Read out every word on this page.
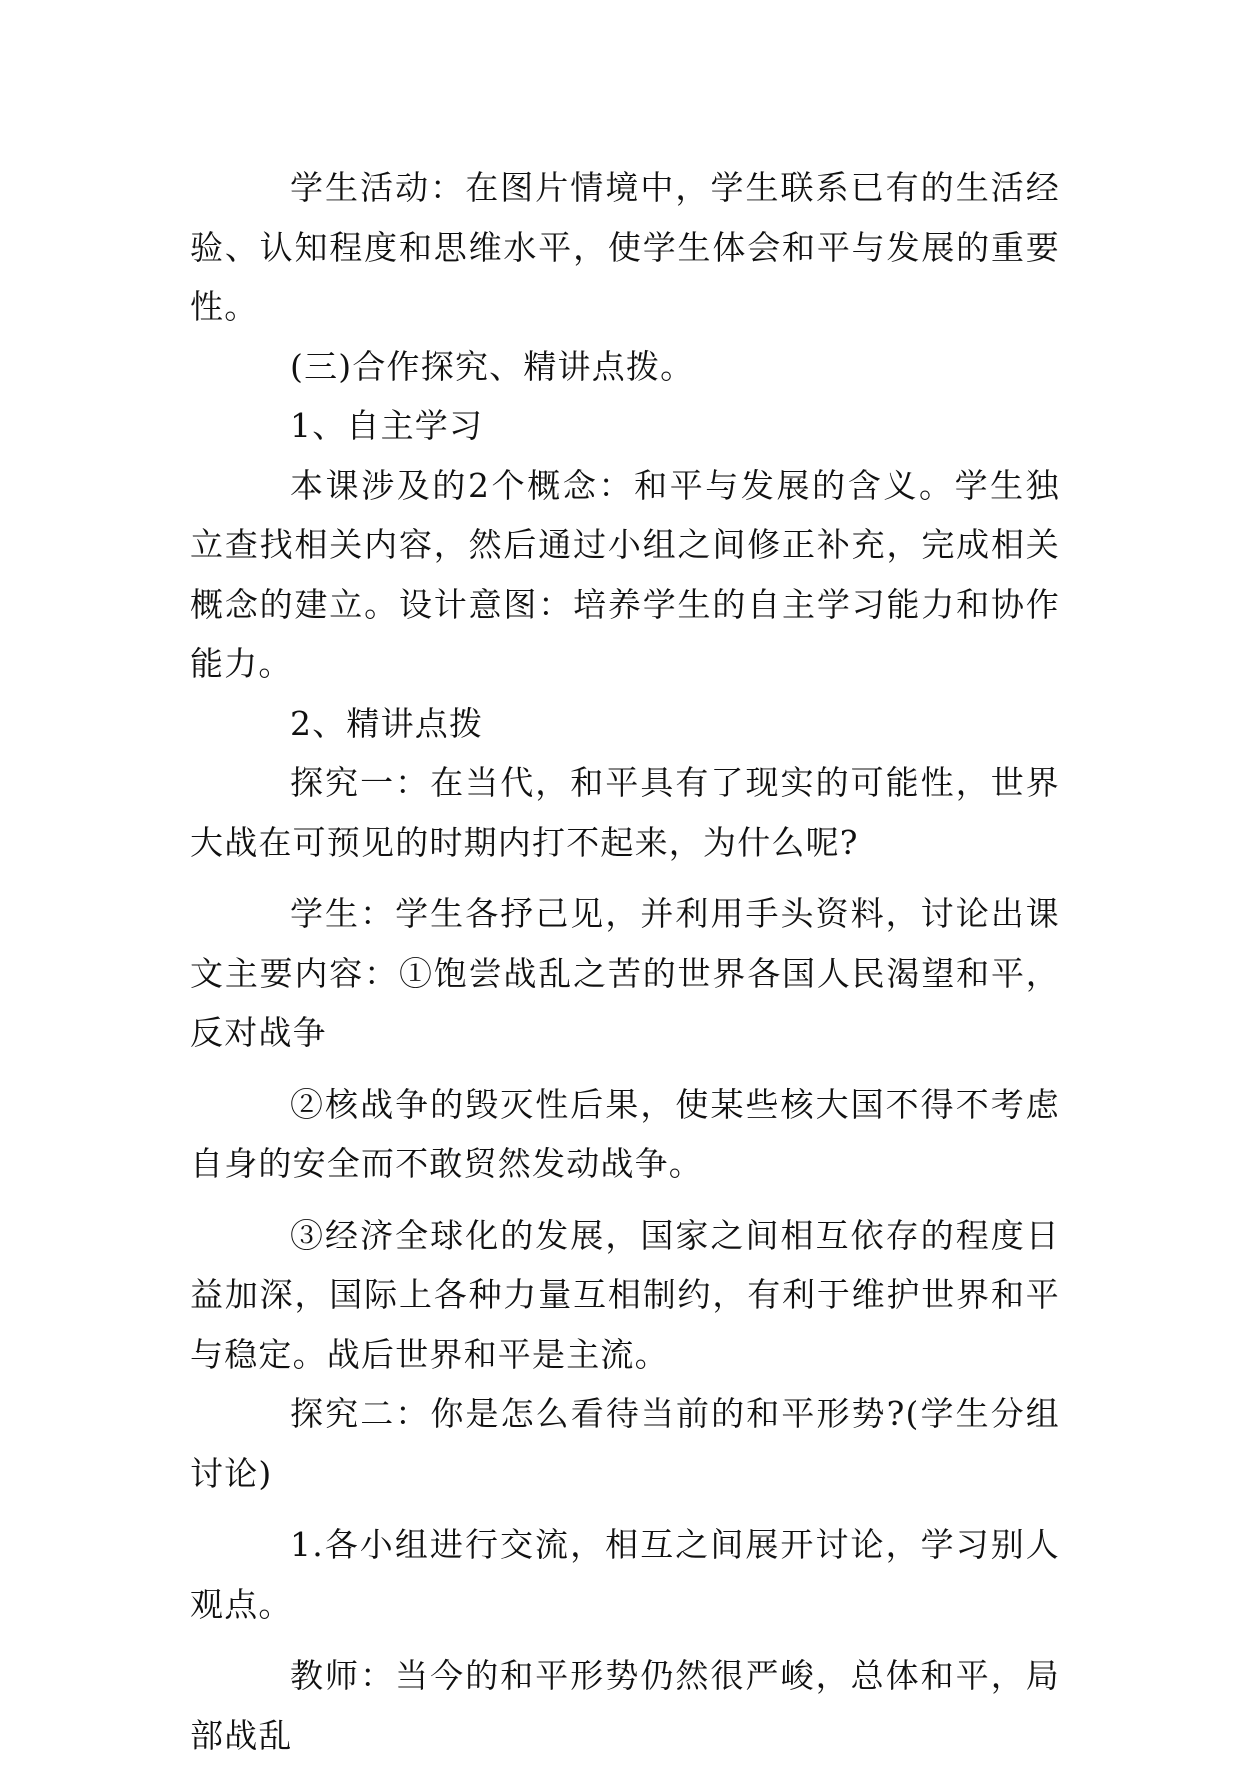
学生活动：在图片情境中，学生联系已有的生活经验、认知程度和思维水平，使学生体会和平与发展的重要性。

(三)合作探究、精讲点拨。

1、自主学习

本课涉及的2个概念：和平与发展的含义。学生独立查找相关内容，然后通过小组之间修正补充，完成相关概念的建立。设计意图：培养学生的自主学习能力和协作能力。

2、精讲点拨

探究一：在当代，和平具有了现实的可能性，世界大战在可预见的时期内打不起来，为什么呢?

学生：学生各抒己见，并利用手头资料，讨论出课文主要内容：①饱尝战乱之苦的世界各国人民渴望和平，反对战争

②核战争的毁灭性后果，使某些核大国不得不考虑自身的安全而不敢贸然发动战争。

③经济全球化的发展，国家之间相互依存的程度日益加深，国际上各种力量互相制约，有利于维护世界和平与稳定。战后世界和平是主流。

探究二：你是怎么看待当前的和平形势?(学生分组讨论)

1.各小组进行交流，相互之间展开讨论，学习别人观点。

教师：当今的和平形势仍然很严峻，总体和平，局部战乱
